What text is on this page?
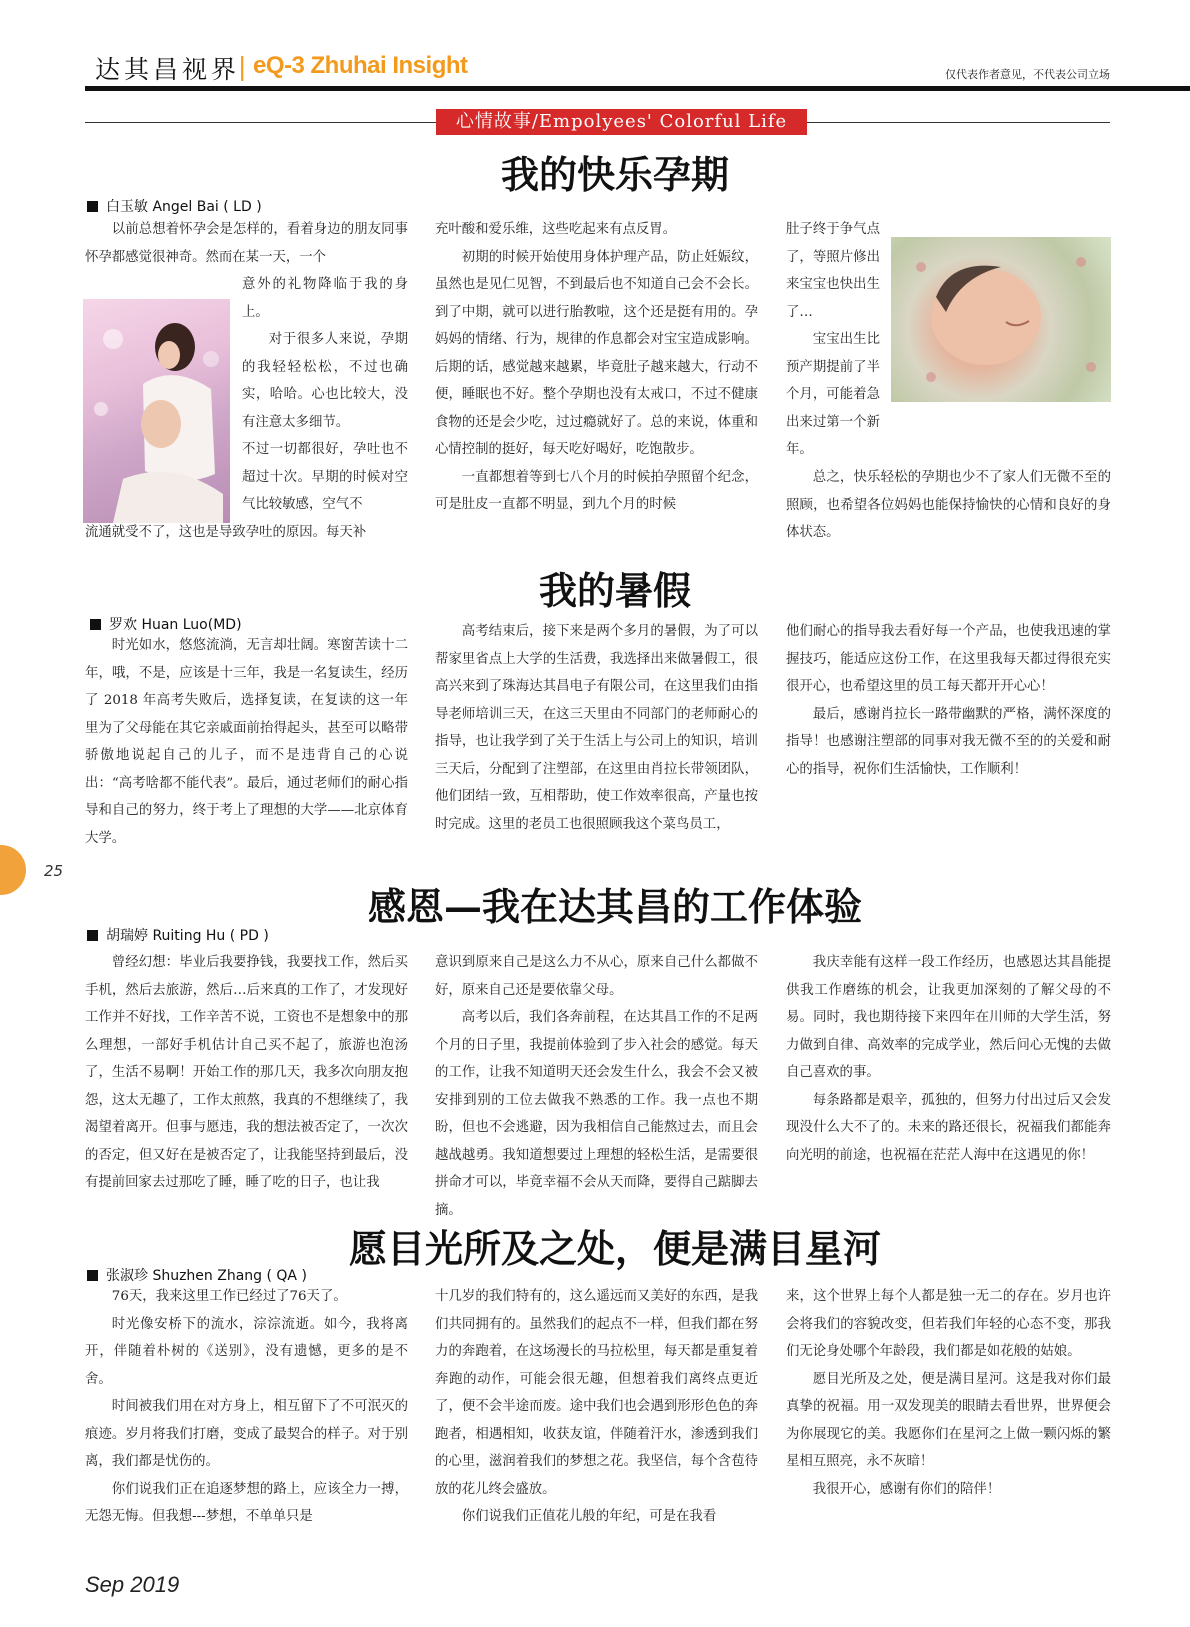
达其昌视界
| eQ-3 Zhuhai Insight	仅代表作者意见，不代表公司立场
心情故事/Empolyees' Colorful Life
我的快乐孕期
白玉敏 Angel Bai ( LD )

以前总想着怀孕会是怎样的，看着身边的朋友同事怀孕都感觉很神奇。然而在某一天，一个

意外的礼物降临于我的身上。

对于很多人来说，孕期的我轻轻松松，不过也确实，哈哈。心也比较大，没有注意太多细节。

不过一切都很好，孕吐也不超过十次。早期的时候对空气比较敏感，空气不

流通就受不了，这也是导致孕吐的原因。每天补

充叶酸和爱乐维，这些吃起来有点反胃。

初期的时候开始使用身体护理产品，防止妊娠纹，虽然也是见仁见智，不到最后也不知道自己会不会长。到了中期，就可以进行胎教啦，这个还是挺有用的。孕妈妈的情绪、行为，规律的作息都会对宝宝造成影响。后期的话，感觉越来越累，毕竟肚子越来越大，行动不便，睡眠也不好。整个孕期也没有太戒口，不过不健康食物的还是会少吃，过过瘾就好了。总的来说，体重和心情控制的挺好，每天吃好喝好，吃饱散步。

一直都想着等到七八个月的时候拍孕照留个纪念，可是肚皮一直都不明显，到九个月的时候

肚子终于争气点了，等照片修出来宝宝也快出生了…

宝宝出生比预产期提前了半个月，可能着急出来过第一个新年。

总之，快乐轻松的孕期也少不了家人们无微不至的照顾，也希望各位妈妈也能保持愉快的心情和良好的身体状态。

我的暑假
罗欢 Huan Luo(MD)

时光如水，悠悠流淌，无言却壮阔。寒窗苦读十二年，哦，不是，应该是十三年，我是一名复读生，经历了 2018 年高考失败后，选择复读，在复读的这一年里为了父母能在其它亲戚面前抬得起头，甚至可以略带骄傲地说起自己的儿子，而不是违背自己的心说出：“高考啥都不能代表”。最后，通过老师们的耐心指导和自己的努力，终于考上了理想的大学——北京体育大学。

高考结束后，接下来是两个多月的暑假，为了可以帮家里省点上大学的生活费，我选择出来做暑假工，很高兴来到了珠海达其昌电子有限公司，在这里我们由指导老师培训三天，在这三天里由不同部门的老师耐心的指导，也让我学到了关于生活上与公司上的知识，培训三天后，分配到了注塑部，在这里由肖拉长带领团队，他们团结一致，互相帮助，使工作效率很高，产量也按时完成。这里的老员工也很照顾我这个菜鸟员工，

他们耐心的指导我去看好每一个产品，也使我迅速的掌握技巧，能适应这份工作，在这里我每天都过得很充实很开心，也希望这里的员工每天都开开心心！

最后，感谢肖拉长一路带幽默的严格，满怀深度的指导！也感谢注塑部的同事对我无微不至的的关爱和耐心的指导，祝你们生活愉快，工作顺利！

25
感恩—我在达其昌的工作体验
胡瑞婷 Ruiting Hu ( PD )

曾经幻想：毕业后我要挣钱，我要找工作，然后买手机，然后去旅游，然后…后来真的工作了，才发现好工作并不好找，工作辛苦不说，工资也不是想象中的那么理想，一部好手机估计自己买不起了，旅游也泡汤了，生活不易啊！开始工作的那几天，我多次向朋友抱怨，这太无趣了，工作太煎熬，我真的不想继续了，我渴望着离开。但事与愿违，我的想法被否定了，一次次的否定，但又好在是被否定了，让我能坚持到最后，没有提前回家去过那吃了睡，睡了吃的日子，也让我

意识到原来自己是这么力不从心，原来自己什么都做不好，原来自己还是要依靠父母。

高考以后，我们各奔前程，在达其昌工作的不足两个月的日子里，我提前体验到了步入社会的感觉。每天的工作，让我不知道明天还会发生什么，我会不会又被安排到别的工位去做我不熟悉的工作。我一点也不期盼，但也不会逃避，因为我相信自己能熬过去，而且会越战越勇。我知道想要过上理想的轻松生活，是需要很拼命才可以，毕竟幸福不会从天而降，要得自己踮脚去摘。

我庆幸能有这样一段工作经历，也感恩达其昌能提供我工作磨练的机会，让我更加深刻的了解父母的不易。同时，我也期待接下来四年在川师的大学生活，努力做到自律、高效率的完成学业，然后问心无愧的去做自己喜欢的事。

每条路都是艰辛，孤独的，但努力付出过后又会发现没什么大不了的。未来的路还很长，祝福我们都能奔向光明的前途，也祝福在茫茫人海中在这遇见的你！

愿目光所及之处，便是满目星河
张淑珍 Shuzhen Zhang ( QA )

76天，我来这里工作已经过了76天了。

时光像安桥下的流水，淙淙流逝。如今，我将离开，伴随着朴树的《送别》，没有遗憾，更多的是不舍。

时间被我们用在对方身上，相互留下了不可泯灭的痕迹。岁月将我们打磨，变成了最契合的样子。对于别离，我们都是忧伤的。

你们说我们正在追逐梦想的路上，应该全力一搏，无怨无悔。但我想---梦想，不单单只是

十几岁的我们特有的，这么遥远而又美好的东西，是我们共同拥有的。虽然我们的起点不一样，但我们都在努力的奔跑着，在这场漫长的马拉松里，每天都是重复着奔跑的动作，可能会很无趣，但想着我们离终点更近了，便不会半途而废。途中我们也会遇到形形色色的奔跑者，相遇相知，收获友谊，伴随着汗水，渗透到我们的心里，滋润着我们的梦想之花。我坚信，每个含苞待放的花儿终会盛放。

你们说我们正值花儿般的年纪，可是在我看

来，这个世界上每个人都是独一无二的存在。岁月也许会将我们的容貌改变，但若我们年轻的心态不变，那我们无论身处哪个年龄段，我们都是如花般的姑娘。

愿目光所及之处，便是满目星河。这是我对你们最真挚的祝福。用一双发现美的眼睛去看世界，世界便会为你展现它的美。我愿你们在星河之上做一颗闪烁的繁星相互照亮，永不灰暗！

我很开心，感谢有你们的陪伴！

Sep 2019
